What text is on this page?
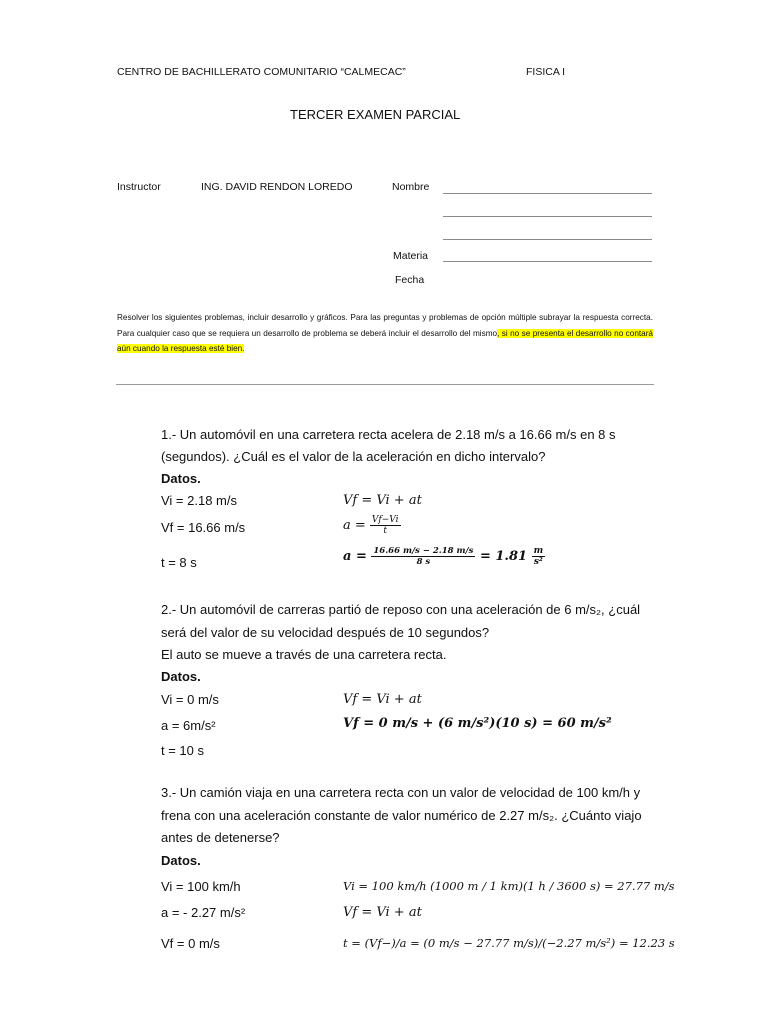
CENTRO DE BACHILLERATO COMUNITARIO “CALMECAC”	FISICA I
TERCER EXAMEN PARCIAL
Instructor	ING. DAVID RENDON LOREDO	Nombre
Materia
Fecha
Resolver los siguientes problemas, incluir desarrollo y gráficos. Para las preguntas y problemas de opción múltiple subrayar la respuesta correcta. Para cualquier caso que se requiera un desarrollo de problema se deberá incluir el desarrollo del mismo, si no se presenta el desarrollo no contará aún cuando la respuesta esté bien.
1.- Un automóvil en una carretera recta acelera de 2.18 m/s a 16.66 m/s en 8 s
(segundos). ¿Cuál es el valor de la aceleración en dicho intervalo?
Datos.
Vi = 2.18 m/s
Vf = 16.66 m/s
t = 8 s
Vf = Vi + at
$a = \frac{Vf-Vi}{t}$
$a = \frac{16.66 m/s - 2.18 m/s}{8 s} = 1.81 \frac{m}{\text{s²}}$
2.- Un automóvil de carreras partió de reposo con una aceleración de 6 m/s₂, ¿cuál
será del valor de su velocidad después de 10 segundos?
El auto se mueve a través de una carretera recta.
Datos.
Vi = 0 m/s
a = 6m/s²
t = 10 s
Vf = Vi + at
Vf = 0 m/s + (6 m/s²)(10 s) = 60 m/s²
3.- Un camión viaja en una carretera recta con un valor de velocidad de 100 km/h y
frena con una aceleración constante de valor numérico de 2.27 m/s₂. ¿Cuánto viajo
antes de detenerse?
Datos.
Vi = 100 km/h
a = - 2.27 m/s²
Vf = 0 m/s
Vi = 100 km/h (1000 m / 1 km)(1 h / 3600 s) = 27.77 m/s
Vf = Vi + at
t = (Vf−)/a = (0 m/s − 27.77 m/s)/(−2.27 m/s²) = 12.23 s
